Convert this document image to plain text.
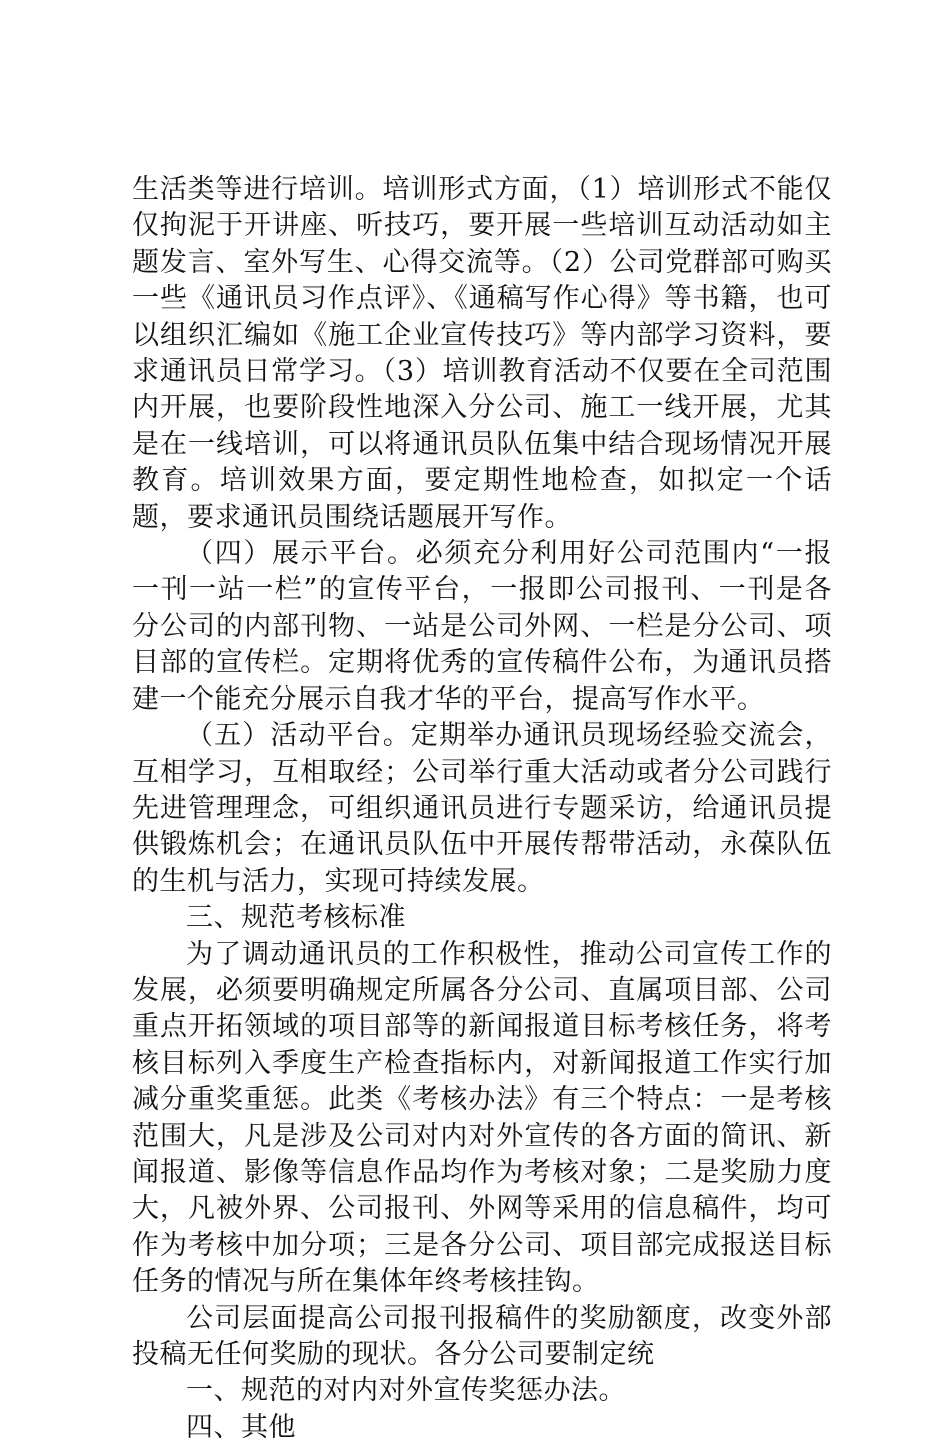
生活类等进行培训。培训形式方面，（1）培训形式不能仅仅拘泥于开讲座、听技巧，要开展一些培训互动活动如主题发言、室外写生、心得交流等。（2）公司党群部可购买一些《通讯员习作点评》、《通稿写作心得》等书籍，也可以组织汇编如《施工企业宣传技巧》等内部学习资料，要求通讯员日常学习。（3）培训教育活动不仅要在全司范围内开展，也要阶段性地深入分公司、施工一线开展，尤其是在一线培训，可以将通讯员队伍集中结合现场情况开展教育。培训效果方面，要定期性地检查，如拟定一个话题，要求通讯员围绕话题展开写作。

（四）展示平台。必须充分利用好公司范围内“一报一刊一站一栏”的宣传平台，一报即公司报刊、一刊是各分公司的内部刊物、一站是公司外网、一栏是分公司、项目部的宣传栏。定期将优秀的宣传稿件公布，为通讯员搭建一个能充分展示自我才华的平台，提高写作水平。

（五）活动平台。定期举办通讯员现场经验交流会，互相学习，互相取经；公司举行重大活动或者分公司践行先进管理理念，可组织通讯员进行专题采访，给通讯员提供锻炼机会；在通讯员队伍中开展传帮带活动，永葆队伍的生机与活力，实现可持续发展。

三、规范考核标准

为了调动通讯员的工作积极性，推动公司宣传工作的发展，必须要明确规定所属各分公司、直属项目部、公司重点开拓领域的项目部等的新闻报道目标考核任务，将考核目标列入季度生产检查指标内，对新闻报道工作实行加减分重奖重惩。此类《考核办法》有三个特点：一是考核范围大，凡是涉及公司对内对外宣传的各方面的简讯、新闻报道、影像等信息作品均作为考核对象；二是奖励力度大，凡被外界、公司报刊、外网等采用的信息稿件，均可作为考核中加分项；三是各分公司、项目部完成报送目标任务的情况与所在集体年终考核挂钩。

公司层面提高公司报刊报稿件的奖励额度，改变外部投稿无任何奖励的现状。各分公司要制定统

一、规范的对内对外宣传奖惩办法。

四、其他
